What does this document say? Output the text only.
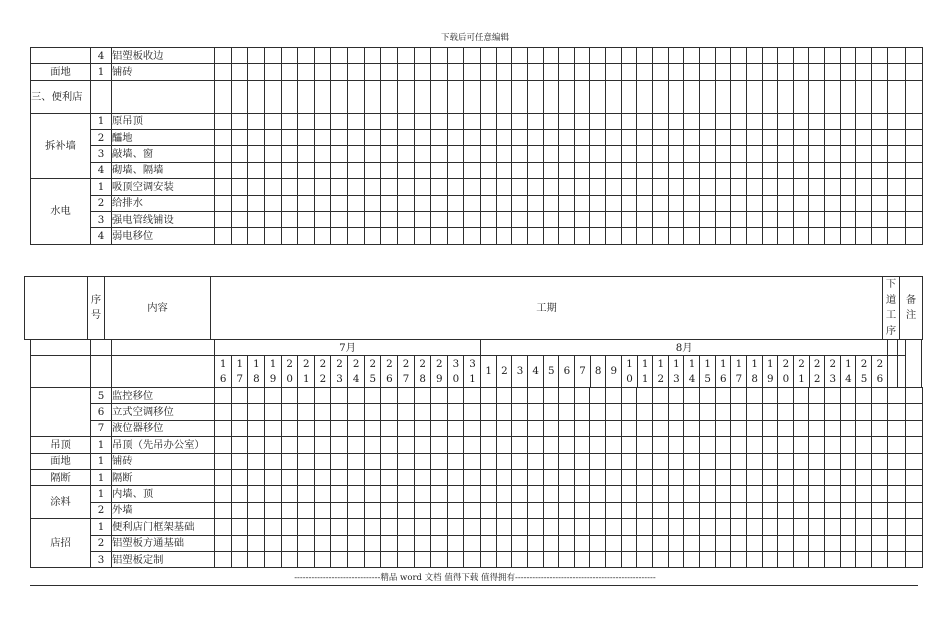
下载后可任意编辑
	4	铝塑板收边																																												
面地	1	铺砖																																												
三、便利店																																														
拆补墙	1	原吊顶																																												
	2	醽地																																												
	3	敲墙、窗																																												
	4	砌墙、隔墙																																												
水电	1	吸顶空调安装																																												
	2	给排水																																												
	3	强电管线铺设																																												
	4	弱电移位																																												
	序号	内容	工期	下道工序	备注
			7月																8月																											
			16	17	18	19	20	21	22	23	24	25	26	27	28	29	30	31	1	2	3	4	5	6	7	8	9	10	11	12	13	14	15	16	17	18	19	20	21	22	23	14	25	26		
	5	监控移位																																												
	6	立式空调移位																																												
	7	液位器移位																																												
吊顶	1	吊顶（先吊办公室）																																												
面地	1	铺砖																																												
隔断	1	隔断																																												
涂料	1	内墙、顶																																												
	2	外墙																																												
店招	1	便利店门框架基础																																												
	2	铝塑板方通基础																																												
	3	铝塑板定制																																												
------------------------------精品 word 文档 值得下载 值得拥有-------------------------------------------------
